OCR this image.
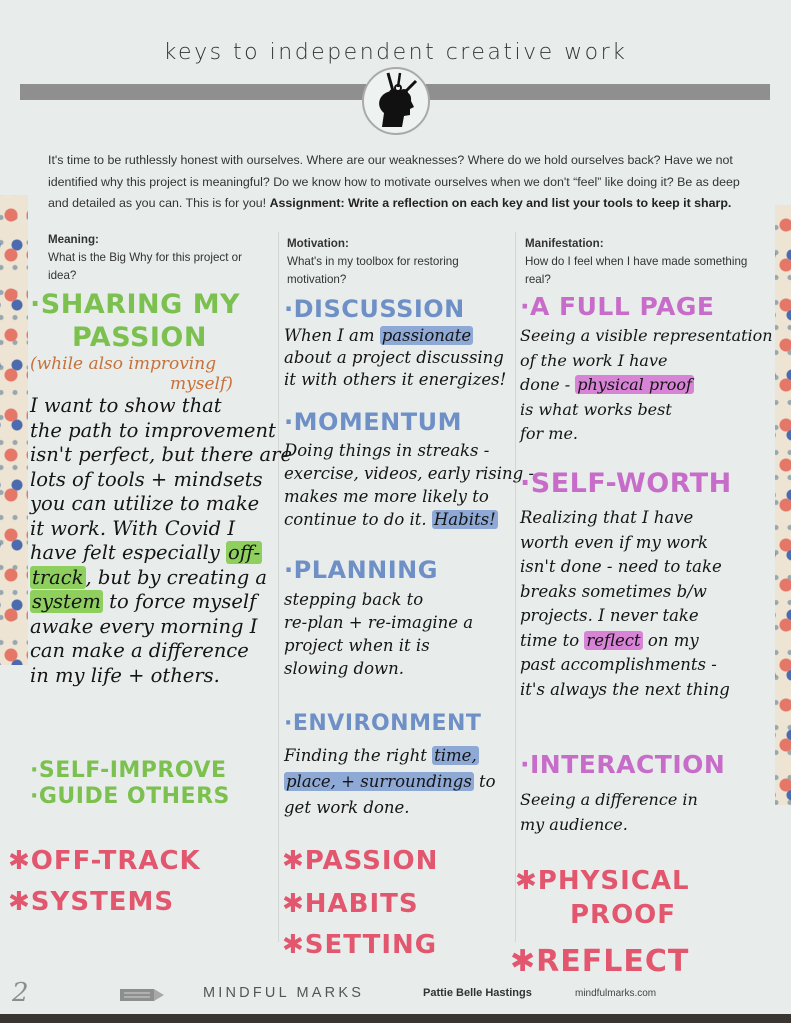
keys to independent creative work
It's time to be ruthlessly honest with ourselves. Where are our weaknesses? Where do we hold ourselves back? Have we not identified why this project is meaningful? Do we know how to motivate ourselves when we don't “feel” like doing it? Be as deep and detailed as you can. This is for you! Assignment: Write a reflection on each key and list your tools to keep it sharp.
Meaning:
What is the Big Why for this project or idea?
Motivation:
What's in my toolbox for restoring motivation?
Manifestation:
How do I feel when I have made something real?
·SHARING MY
PASSION
(while also improving
myself)
I want to show that
the path to improvement
isn't perfect, but there are
lots of tools + mindsets
you can utilize to make
it work. With Covid I
have felt especially off-
track , but by creating a
system to force myself
awake every morning I
can make a difference
in my life + others.
·SELF-IMPROVE
·GUIDE OTHERS
·DISCUSSION
When I am passionate
about a project discussing
it with others it energizes!
·MOMENTUM
Doing things in streaks -
exercise, videos, early rising -
makes me more likely to
continue to do it. Habits!
·PLANNING
stepping back to
re-plan + re-imagine a
project when it is
slowing down.
·ENVIRONMENT
Finding the right time,
place, + surroundings to
get work done.
·A FULL PAGE
Seeing a visible representation
of the work I have
done - physical proof
is what works best
for me.
·SELF-WORTH
Realizing that I have
worth even if my work
isn't done - need to take
breaks sometimes b/w
projects. I never take
time to reflect on my
past accomplishments -
it's always the next thing
·INTERACTION
Seeing a difference in
my audience.
✱OFF-TRACK
✱SYSTEMS
✱PASSION
✱HABITS
✱SETTING
✱PHYSICAL
PROOF
✱REFLECT
2	MINDFUL MARKS	Pattie Belle Hastings	mindfulmarks.com
